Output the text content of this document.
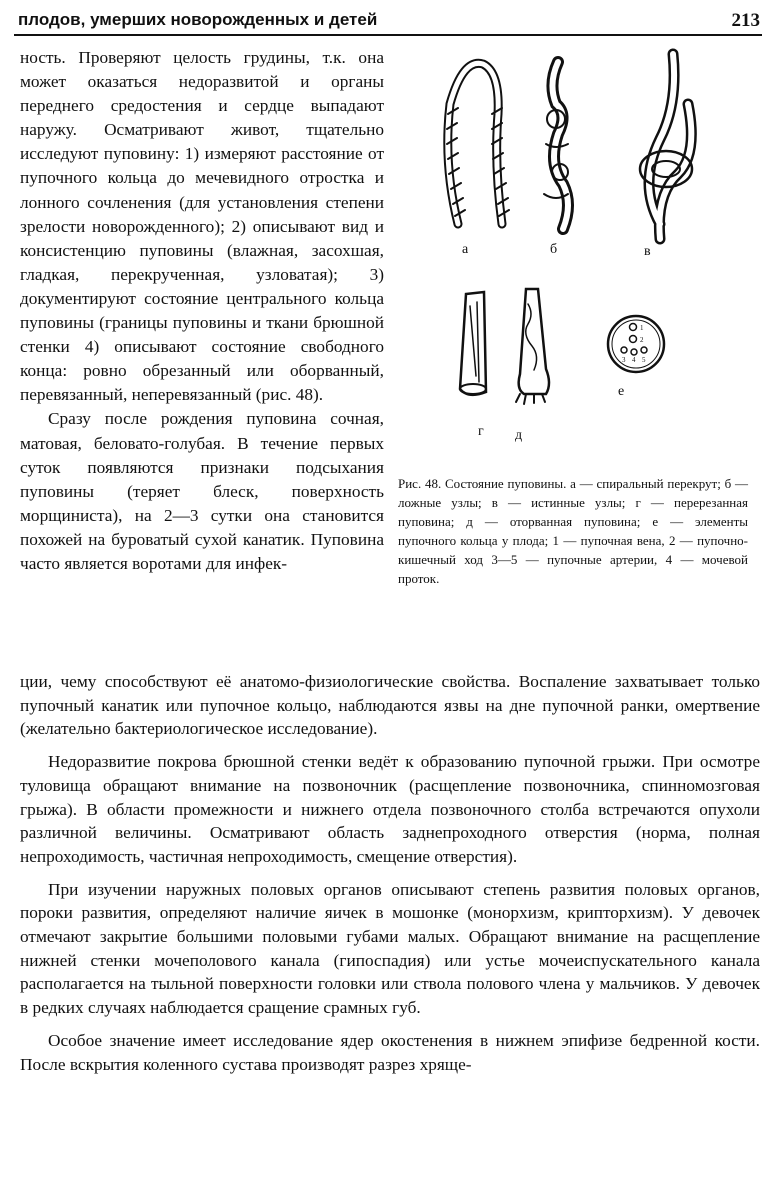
плодов, умерших новорожденных и детей	213

ность. Проверяют целость грудины, т.к. она может оказаться недоразвитой и органы переднего средостения и сердце выпадают наружу. Осматривают живот, тщательно исследуют пуповину: 1) измеряют расстояние от пупочного кольца до мечевидного отростка и лонного сочленения (для установления степени зрелости новорожденного); 2) описывают вид и консистенцию пуповины (влажная, засохшая, гладкая, перекрученная, узловатая); 3) документируют состояние центрального кольца пуповины (границы пуповины и ткани брюшной стенки 4) описывают состояние свободного конца: ровно обрезанный или оборванный, перевязанный, неперевязанный (рис. 48).

Сразу после рождения пуповина сочная, матовая, беловато-голубая. В течение первых суток появляются признаки подсыхания пуповины (теряет блеск, поверхность морщиниста), на 2—3 сутки она становится похожей на буроватый сухой канатик. Пуповина часто является воротами для инфек-

1
2
3 4 5
а	б	в
г д
е

Рис. 48. Состояние пуповины. а — спиральный перекрут; б — ложные узлы; в — истинные узлы; г — перерезанная пуповина; д — оторванная пуповина; е — элементы пупочного кольца у плода; 1 — пупочная вена, 2 — пупочно-кишечный ход 3—5 — пупочные артерии, 4 — мочевой проток.

ции, чему способствуют её анатомо-физиологические свойства. Воспаление захватывает только пупочный канатик или пупочное кольцо, наблюдаются язвы на дне пупочной ранки, омертвение (желательно бактериологическое исследование).

Недоразвитие покрова брюшной стенки ведёт к образованию пупочной грыжи. При осмотре туловища обращают внимание на позвоночник (расщепление позвоночника, спинномозговая грыжа). В области промежности и нижнего отдела позвоночного столба встречаются опухоли различной величины. Осматривают область заднепроходного отверстия (норма, полная непроходимость, частичная непроходимость, смещение отверстия).

При изучении наружных половых органов описывают степень развития половых органов, пороки развития, определяют наличие яичек в мошонке (монорхизм, крипторхизм). У девочек отмечают закрытие большими половыми губами малых. Обращают внимание на расщепление нижней стенки мочеполового канала (гипоспадия) или устье мочеиспускательного канала располагается на тыльной поверхности головки или ствола полового члена у мальчиков. У девочек в редких случаях наблюдается сращение срамных губ.

Особое значение имеет исследование ядер окостенения в нижнем эпифизе бедренной кости. После вскрытия коленного сустава производят разрез хряще-
